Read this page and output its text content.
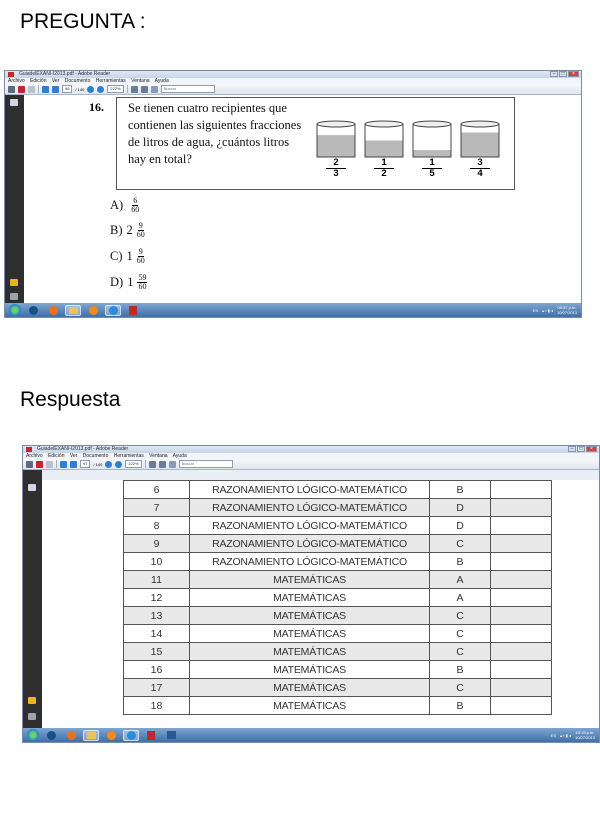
PREGUNTA :
GuiadelEXANI-I2013.pdf - Adobe Reader	–	□	×
Archivo Edición Ver Documento Herramientas Ventana Ayuda
98	/ 140	222%	Buscar
16. Se tienen cuatro recipientes que contienen las siguientes fracciones de litros de agua, ¿cuántos litros hay en total?	$\frac{2}{3}$	$\frac{1}{2}$	$\frac{1}{5}$	$\frac{3}{4}$
A) 6
60
B) 2 9
60
C) 1 9
60
D) 1 59
60
ES ▴ ▪ ▮ ◂ 09:57 p.m.
10/07/2013
Respuesta
GuiadelEXANI-I2013.pdf - Adobe Reader	–	□	×
Archivo Edición Ver Documento Herramientas Ventana Ayuda
97	/ 140	222%	Buscar
6	RAZONAMIENTO LÓGICO-MATEMÁTICO	B	
7	RAZONAMIENTO LÓGICO-MATEMÁTICO	D	
8	RAZONAMIENTO LÓGICO-MATEMÁTICO	D	
9	RAZONAMIENTO LÓGICO-MATEMÁTICO	C	
10	RAZONAMIENTO LÓGICO-MATEMÁTICO	B	
11	MATEMÁTICAS	A	
12	MATEMÁTICAS	A	
13	MATEMÁTICAS	C	
14	MATEMÁTICAS	C	
15	MATEMÁTICAS	C	
16	MATEMÁTICAS	B	
17	MATEMÁTICAS	C	
18	MATEMÁTICAS	B	
ES ▴ ▪ ▮ ◂ 10:15 p.m.
10/07/2013
